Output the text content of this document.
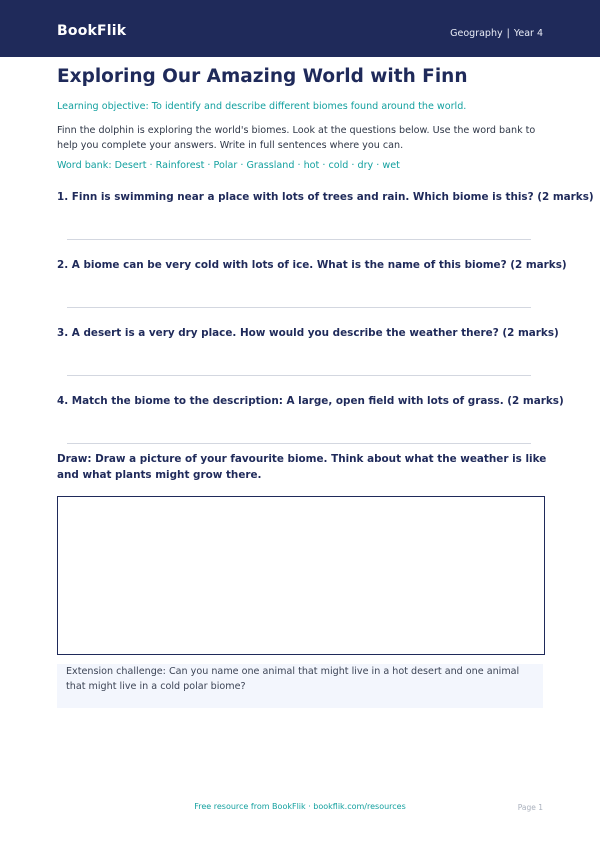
BookFlik	Geography | Year 4
Exploring Our Amazing World with Finn
Learning objective: To identify and describe different biomes found around the world.
Finn the dolphin is exploring the world's biomes. Look at the questions below. Use the word bank to help you complete your answers. Write in full sentences where you can.
Word bank: Desert · Rainforest · Polar · Grassland · hot · cold · dry · wet
1. Finn is swimming near a place with lots of trees and rain. Which biome is this? (2 marks)
2. A biome can be very cold with lots of ice. What is the name of this biome? (2 marks)
3. A desert is a very dry place. How would you describe the weather there? (2 marks)
4. Match the biome to the description: A large, open field with lots of grass. (2 marks)
Draw: Draw a picture of your favourite biome. Think about what the weather is like and what plants might grow there.
Extension challenge: Can you name one animal that might live in a hot desert and one animal that might live in a cold polar biome?
Free resource from BookFlik · bookflik.com/resources	Page 1
